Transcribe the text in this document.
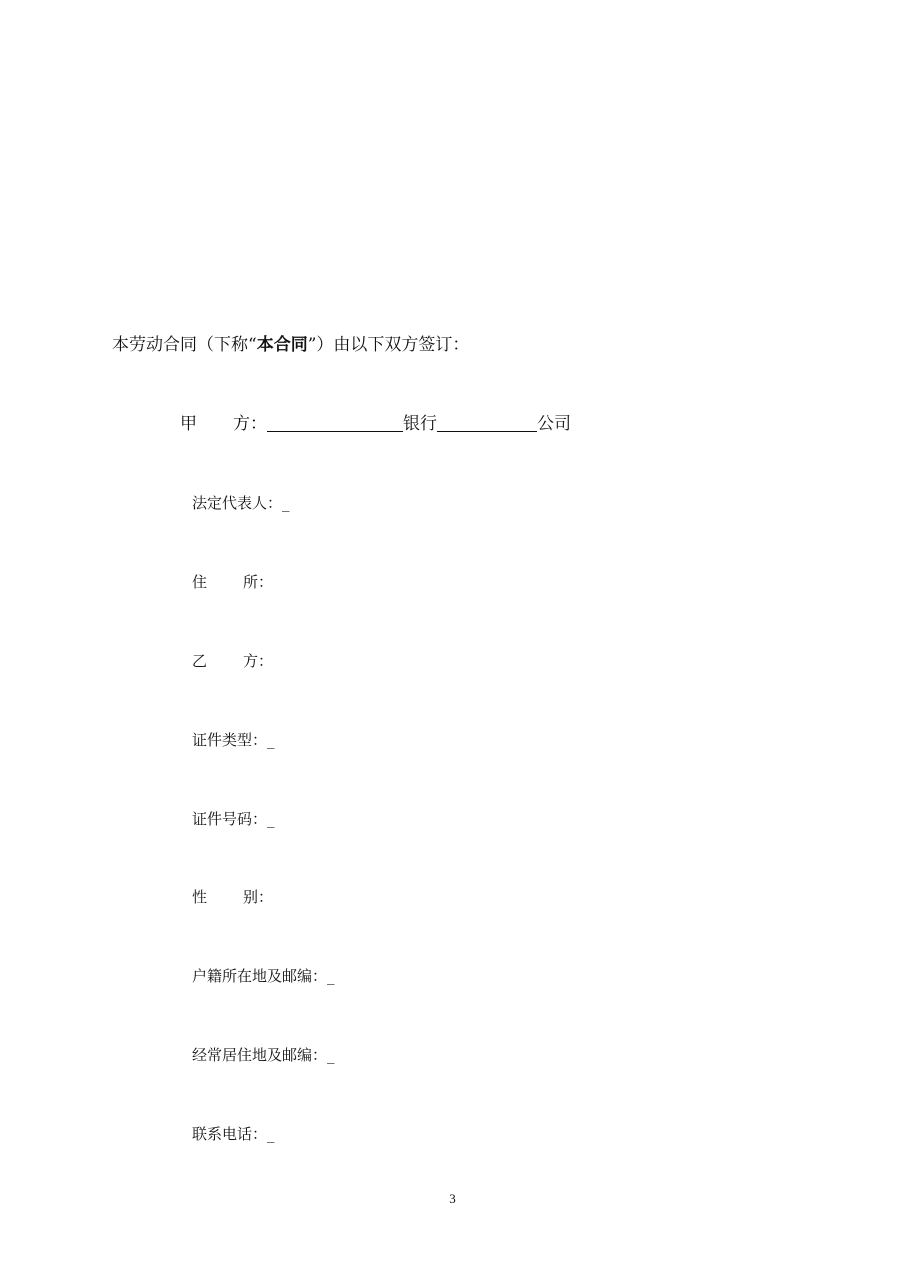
本劳动合同（下称“本合同”）由以下双方签订：
甲 方：	银行	公司
法定代表人：_
住 所：
乙 方：
证件类型：_
证件号码：_
性 别：
户籍所在地及邮编：_
经常居住地及邮编：_
联系电话：_
3
